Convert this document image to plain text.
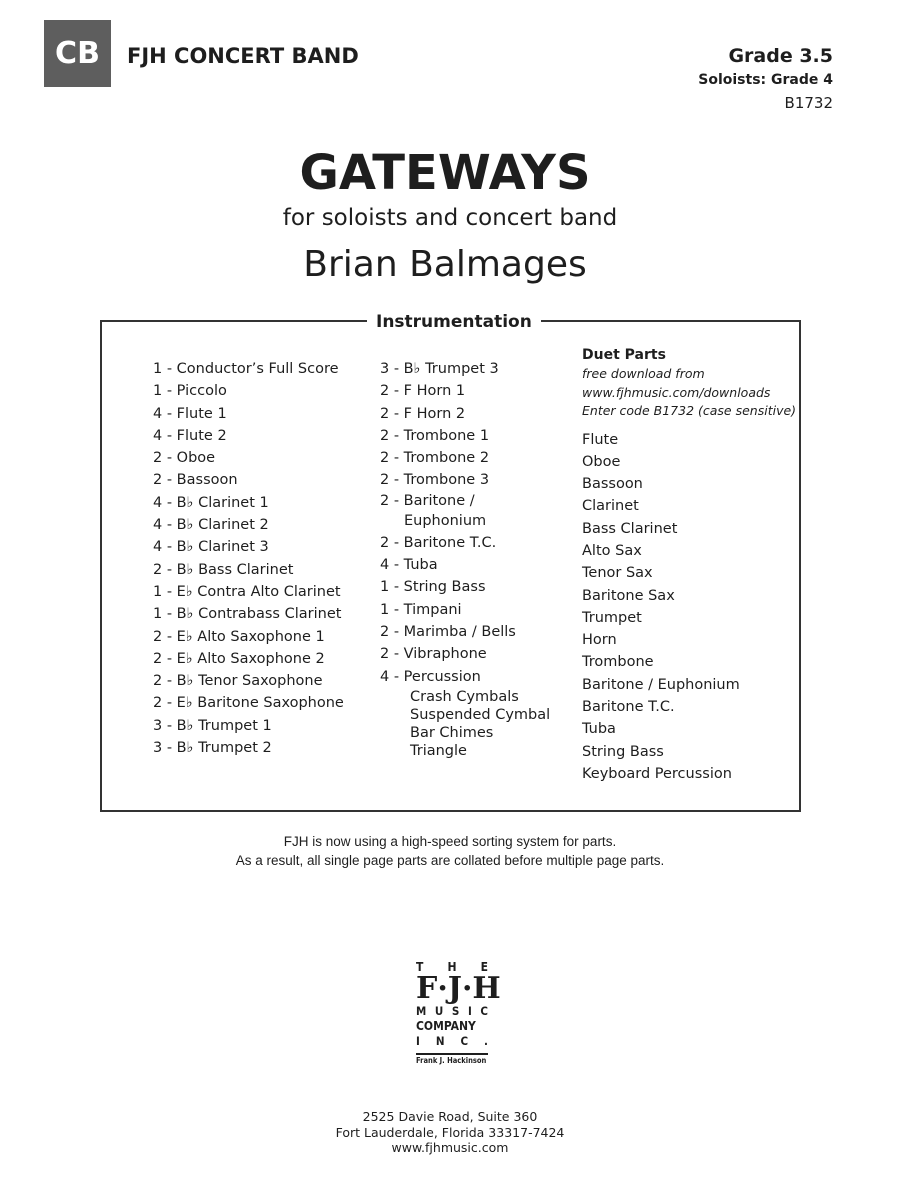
CB	FJH CONCERT BAND	Grade 3.5
Soloists: Grade 4
B1732
GATEWAYS
for soloists and concert band
Brian Balmages
Instrumentation
1 - Conductor’s Full Score
1 - Piccolo
4 - Flute 1
4 - Flute 2
2 - Oboe
2 - Bassoon
4 - B♭ Clarinet 1
4 - B♭ Clarinet 2
4 - B♭ Clarinet 3
2 - B♭ Bass Clarinet
1 - E♭ Contra Alto Clarinet
1 - B♭ Contrabass Clarinet
2 - E♭ Alto Saxophone 1
2 - E♭ Alto Saxophone 2
2 - B♭ Tenor Saxophone
2 - E♭ Baritone Saxophone
3 - B♭ Trumpet 1
3 - B♭ Trumpet 2
3 - B♭ Trumpet 3
2 - F Horn 1
2 - F Horn 2
2 - Trombone 1
2 - Trombone 2
2 - Trombone 3
2 - Baritone /
Euphonium
2 - Baritone T.C.
4 - Tuba
1 - String Bass
1 - Timpani
2 - Marimba / Bells
2 - Vibraphone
4 - Percussion
Crash Cymbals
Suspended Cymbal
Bar Chimes
Triangle
Duet Parts
free download from
www.fjhmusic.com/downloads
Enter code B1732 (case sensitive)
Flute
Oboe
Bassoon
Clarinet
Bass Clarinet
Alto Sax
Tenor Sax
Baritone Sax
Trumpet
Horn
Trombone
Baritone / Euphonium
Baritone T.C.
Tuba
String Bass
Keyboard Percussion
FJH is now using a high-speed sorting system for parts.
As a result, all single page parts are collated before multiple page parts.
T H E
F · J · H
M U S I C
COMPANY
I N C .
Frank J. Hackinson
2525 Davie Road, Suite 360
Fort Lauderdale, Florida 33317-7424
www.fjhmusic.com
